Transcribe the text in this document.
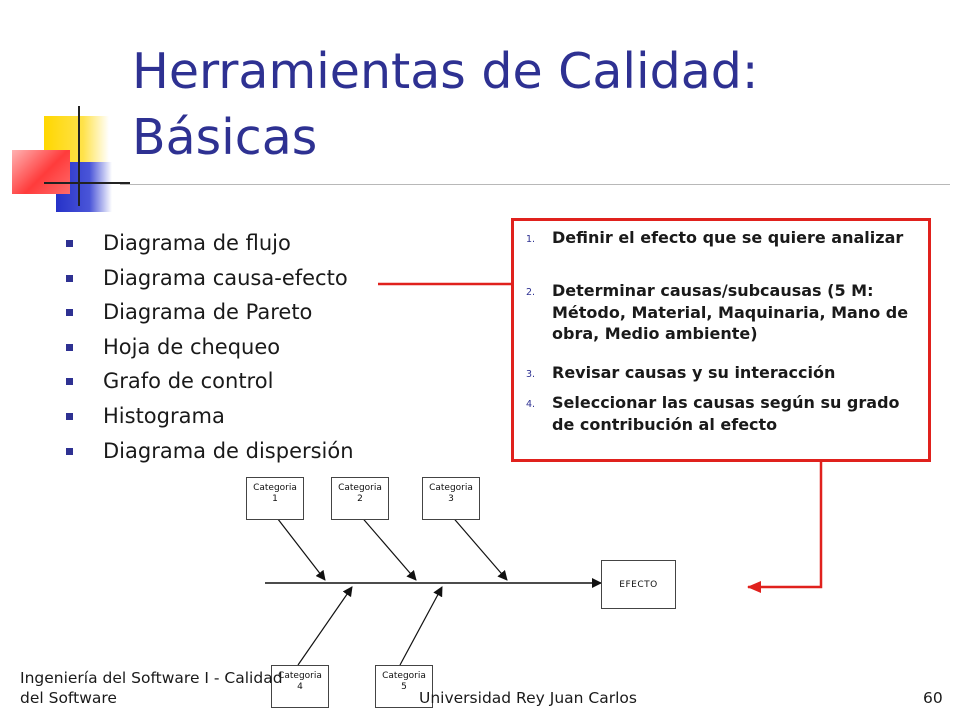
Herramientas de Calidad:
Básicas
Diagrama de flujo
Diagrama causa-efecto
Diagrama de Pareto
Hoja de chequeo
Grafo de control
Histograma
Diagrama de dispersión
1. Definir el efecto que se quiere analizar
2. Determinar causas/subcausas (5 M: Método, Material, Maquinaria, Mano de obra, Medio ambiente)
3. Revisar causas y su interacción
4. Seleccionar las causas según su grado de contribución al efecto
Categoria
1
Categoria
2
Categoria
3
Categoria
4
Categoria
5
EFECTO
Ingeniería del Software I - Calidad
del Software	Universidad Rey Juan Carlos	60
